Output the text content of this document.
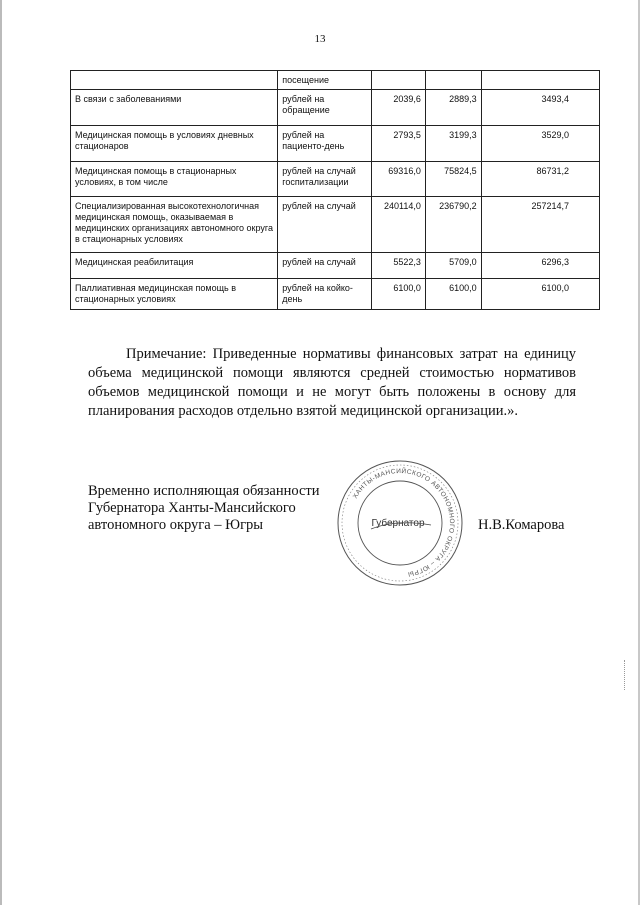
13
	посещение			
В связи с заболеваниями	рублей на обращение	2039,6	2889,3	3493,4
Медицинская помощь в условиях дневных стационаров	рублей на пациенто-день	2793,5	3199,3	3529,0
Медицинская помощь в стационарных условиях, в том числе	рублей на случай госпитализации	69316,0	75824,5	86731,2
Специализированная высокотехнологичная медицинская помощь, оказываемая в медицинских организациях автономного округа в стационарных условиях	рублей на случай	240114,0	236790,2	257214,7
Медицинская реабилитация	рублей на случай	5522,3	5709,0	6296,3
Паллиативная медицинская помощь в стационарных условиях	рублей на койко-день	6100,0	6100,0	6100,0
Примечание: Приведенные нормативы финансовых затрат на единицу объема медицинской помощи являются средней стоимостью нормативов объемов медицинской помощи и не могут быть положены в основу для планирования расходов отдельно взятой медицинской организации.».
Временно исполняющая обязанности
Губернатора Ханты-Мансийского
автономного округа – Югры
ХАНТЫ-МАНСИЙСКОГО АВТОНОМНОГО ОКРУГА – ЮГРЫ
Губернатор	Н.В.Комарова
